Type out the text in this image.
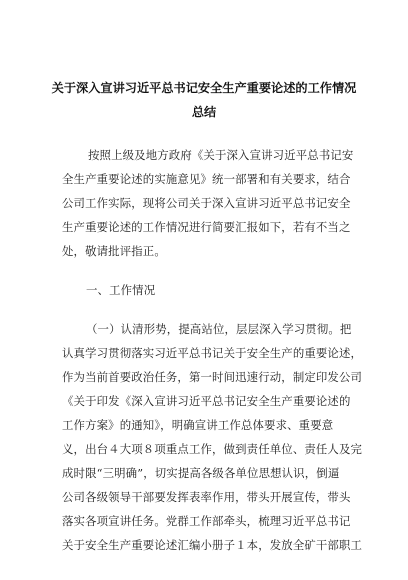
关于深入宣讲习近平总书记安全生产重要论述的工作情况
总结
按照上级及地方政府《关于深入宣讲习近平总书记安
全生产重要论述的实施意见》统一部署和有关要求，结合
公司工作实际，现将公司关于深入宣讲习近平总书记安全
生产重要论述的工作情况进行简要汇报如下，若有不当之
处，敬请批评指正。
一、工作情况
（一）认清形势，提高站位，层层深入学习贯彻。把
认真学习贯彻落实习近平总书记关于安全生产的重要论述，
作为当前首要政治任务，第一时间迅速行动，制定印发公司
《关于印发《深入宣讲习近平总书记安全生产重要论述的
工作方案》的通知》，明确宣讲工作总体要求、重要意
义，出台４大项８项重点工作，做到责任单位、责任人及完
成时限“三明确”，切实提高各级各单位思想认识，倒逼
公司各级领导干部要发挥表率作用，带头开展宣传，带头
落实各项宣讲任务。党群工作部牵头，梳理习近平总书记
关于安全生产重要论述汇编小册子１本，发放全矿干部职工
